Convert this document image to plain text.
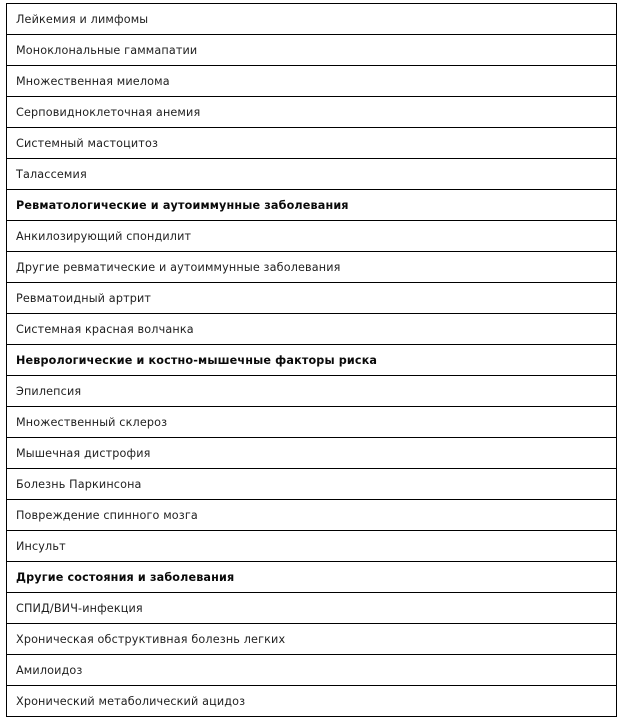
Лейкемия и лимфомы
Моноклональные гаммапатии
Множественная миелома
Серповидноклеточная анемия
Системный мастоцитоз
Талассемия
Ревматологические и аутоиммунные заболевания
Анкилозирующий спондилит
Другие ревматические и аутоиммунные заболевания
Ревматоидный артрит
Системная красная волчанка
Неврологические и костно-мышечные факторы риска
Эпилепсия
Множественный склероз
Мышечная дистрофия
Болезнь Паркинсона
Повреждение спинного мозга
Инсульт
Другие состояния и заболевания
СПИД/ВИЧ-инфекция
Хроническая обструктивная болезнь легких
Амилоидоз
Хронический метаболический ацидоз
